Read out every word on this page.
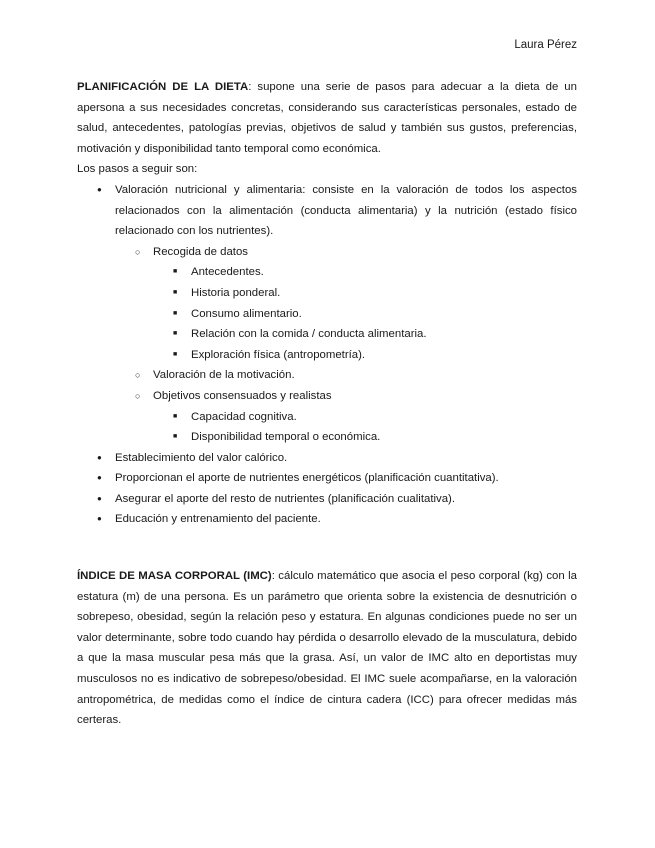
Laura Pérez

PLANIFICACIÓN DE LA DIETA: supone una serie de pasos para adecuar a la dieta de un apersona a sus necesidades concretas, considerando sus características personales, estado de salud, antecedentes, patologías previas, objetivos de salud y también sus gustos, preferencias, motivación y disponibilidad tanto temporal como económica.

Los pasos a seguir son:

● Valoración nutricional y alimentaria: consiste en la valoración de todos los aspectos relacionados con la alimentación (conducta alimentaria) y la nutrición (estado físico relacionado con los nutrientes).
○ Recogida de datos
■ Antecedentes.
■ Historia ponderal.
■ Consumo alimentario.
■ Relación con la comida / conducta alimentaria.
■ Exploración física (antropometría).
○ Valoración de la motivación.
○ Objetivos consensuados y realistas
■ Capacidad cognitiva.
■ Disponibilidad temporal o económica.
● Establecimiento del valor calórico.
● Proporcionan el aporte de nutrientes energéticos (planificación cuantitativa).
● Asegurar el aporte del resto de nutrientes (planificación cualitativa).
● Educación y entrenamiento del paciente.

ÍNDICE DE MASA CORPORAL (IMC): cálculo matemático que asocia el peso corporal (kg) con la estatura (m) de una persona. Es un parámetro que orienta sobre la existencia de desnutrición o sobrepeso, obesidad, según la relación peso y estatura. En algunas condiciones puede no ser un valor determinante, sobre todo cuando hay pérdida o desarrollo elevado de la musculatura, debido a que la masa muscular pesa más que la grasa. Así, un valor de IMC alto en deportistas muy musculosos no es indicativo de sobrepeso/obesidad. El IMC suele acompañarse, en la valoración antropométrica, de medidas como el índice de cintura cadera (ICC) para ofrecer medidas más certeras.
